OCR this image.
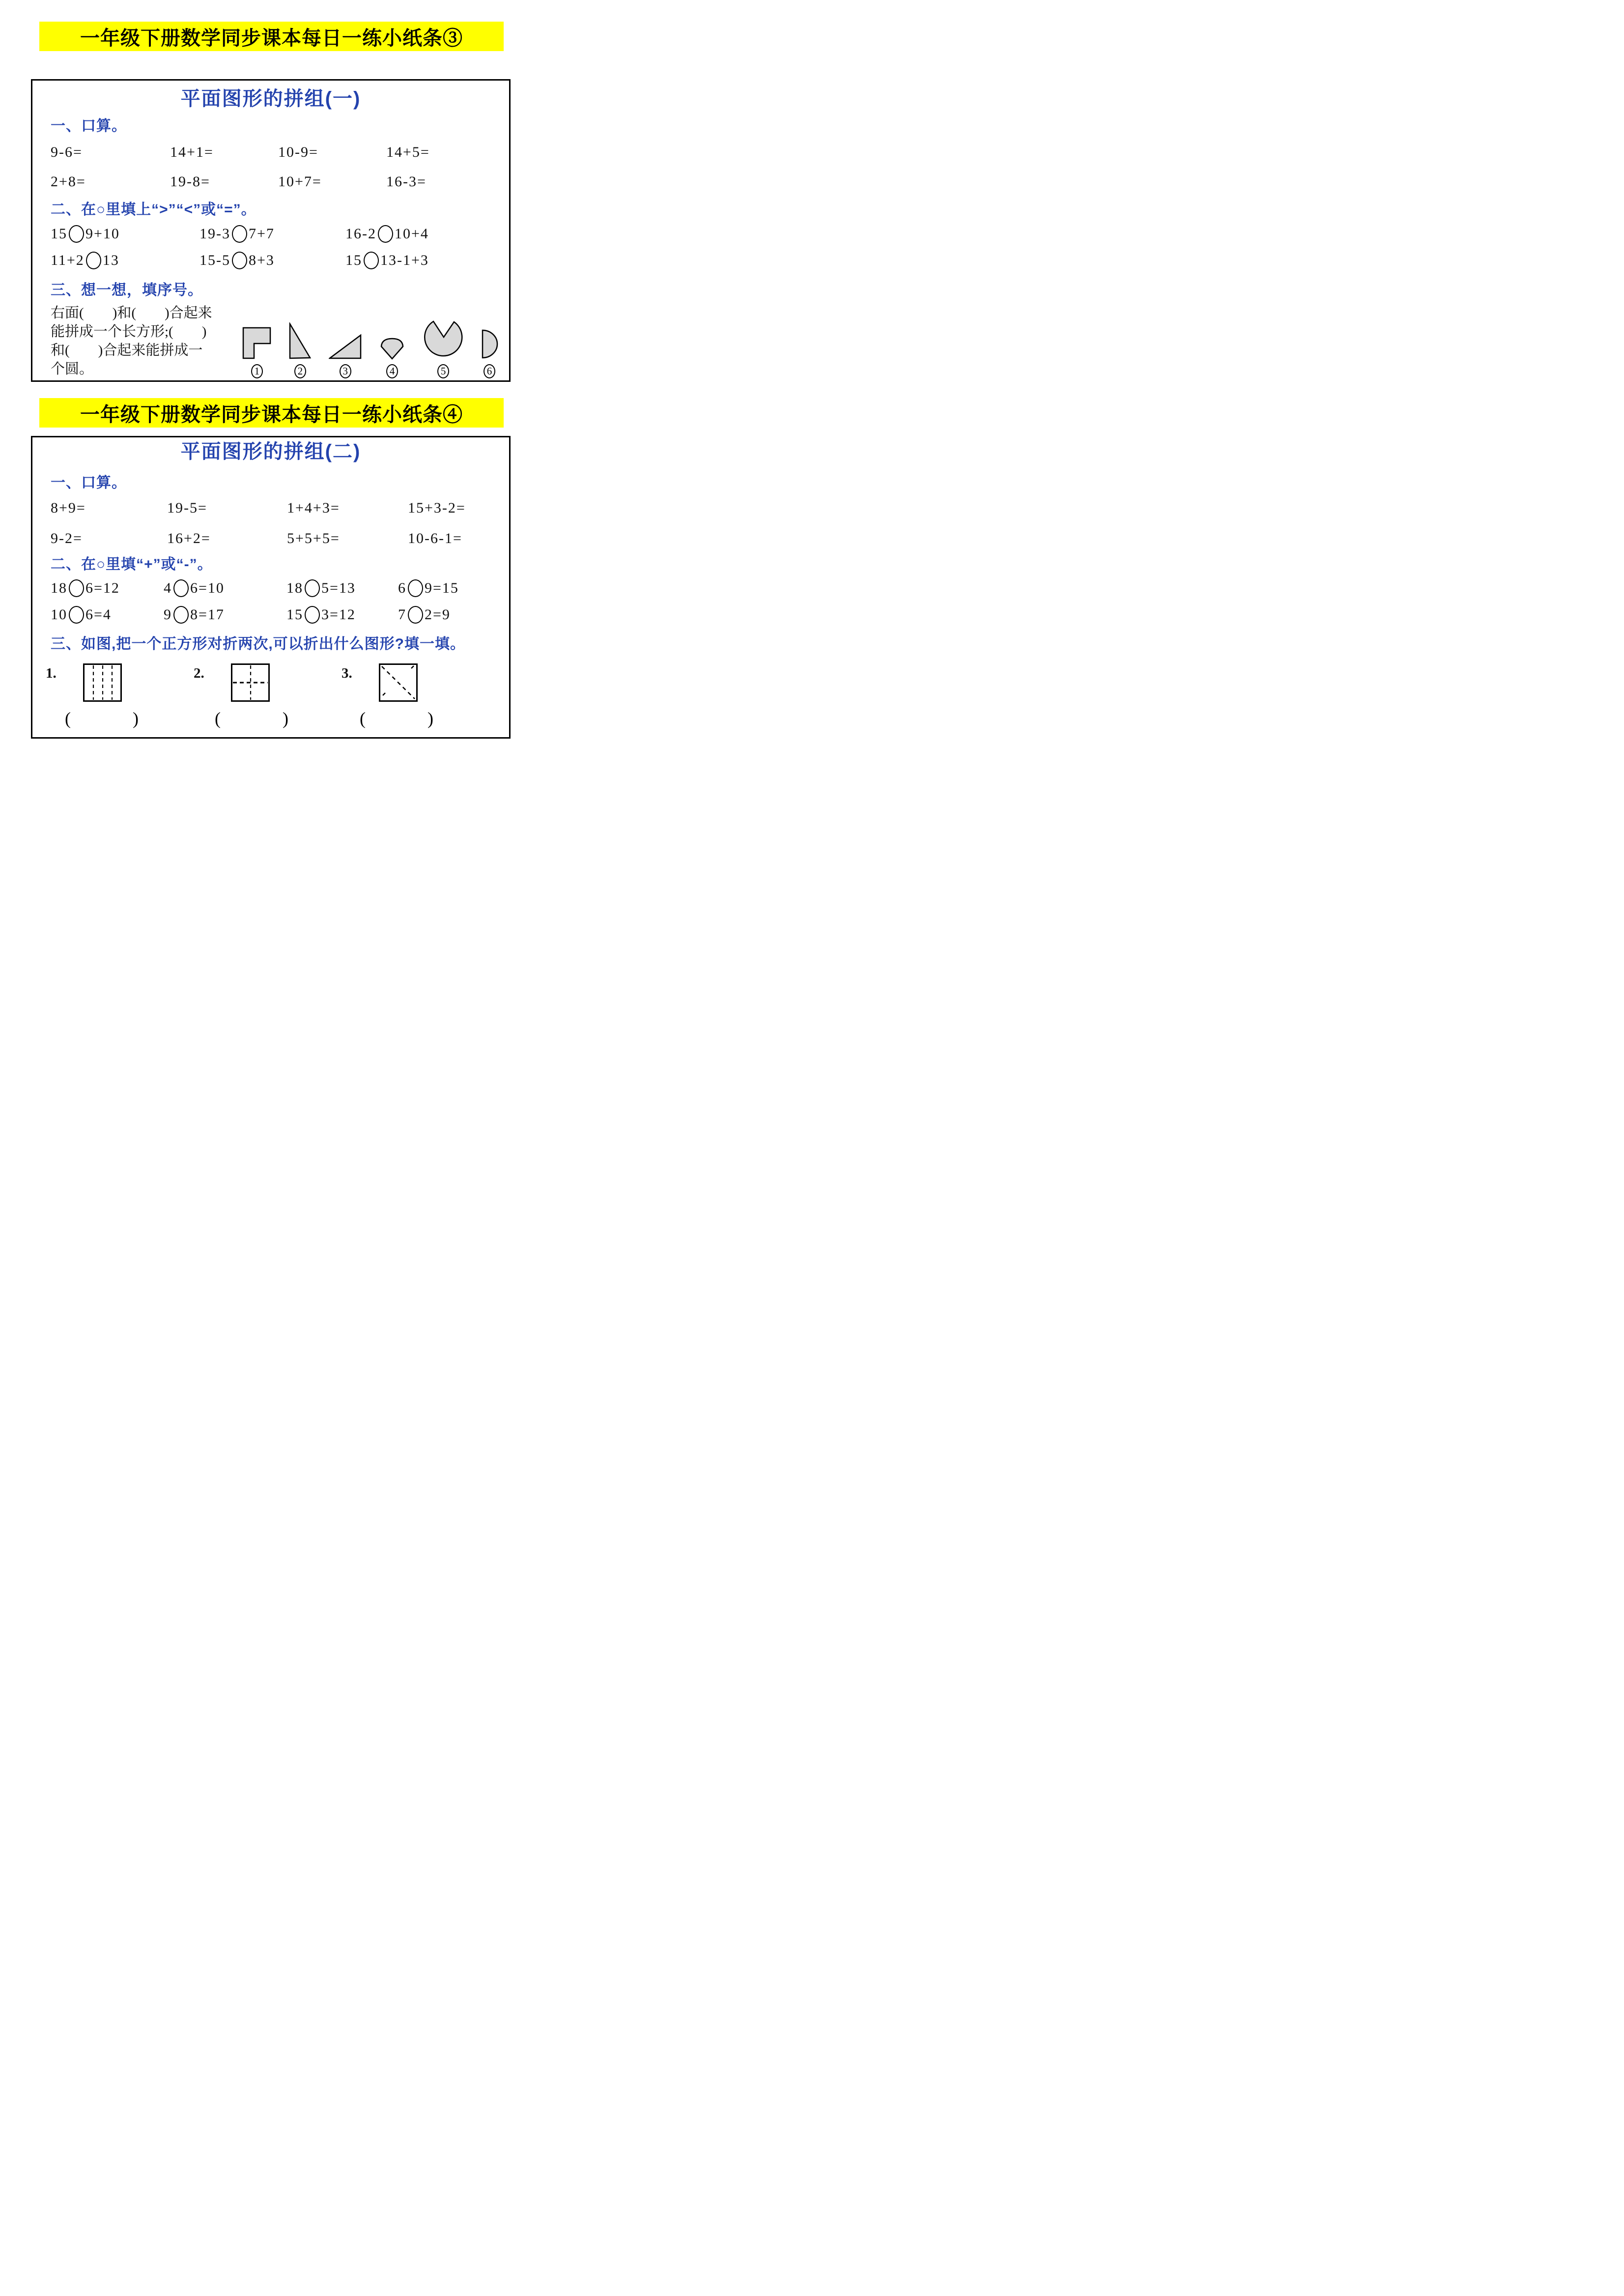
一年级下册数学同步课本每日一练小纸条③
平面图形的拼组(一)
一、口算。
9-6=	14+1=	10-9=	14+5=
2+8=	19-8=	10+7=	16-3=
二、在○里填上“>”“<”或“=”。
15 9+10	19-3 7+7	16-2 10+4
11+2 13	15-5 8+3	15 13-1+3
三、想一想，填序号。
右面(　　)和(　　)合起来
能拼成一个长方形;(　　)
和(　　)合起来能拼成一
个圆。	1	2	3	4	5	6
一年级下册数学同步课本每日一练小纸条④
平面图形的拼组(二)
一、口算。
8+9=	19-5=	1+4+3=	15+3-2=
9-2=	16+2=	5+5+5=	10-6-1=
二、在○里填“+”或“-”。
18 6=12	4 6=10	18 5=13	6 9=15
10 6=4	9 8=17	15 3=12	7 2=9
三、如图,把一个正方形对折两次,可以折出什么图形?填一填。
1.	2.	3.
(	)	(	)	(	)
